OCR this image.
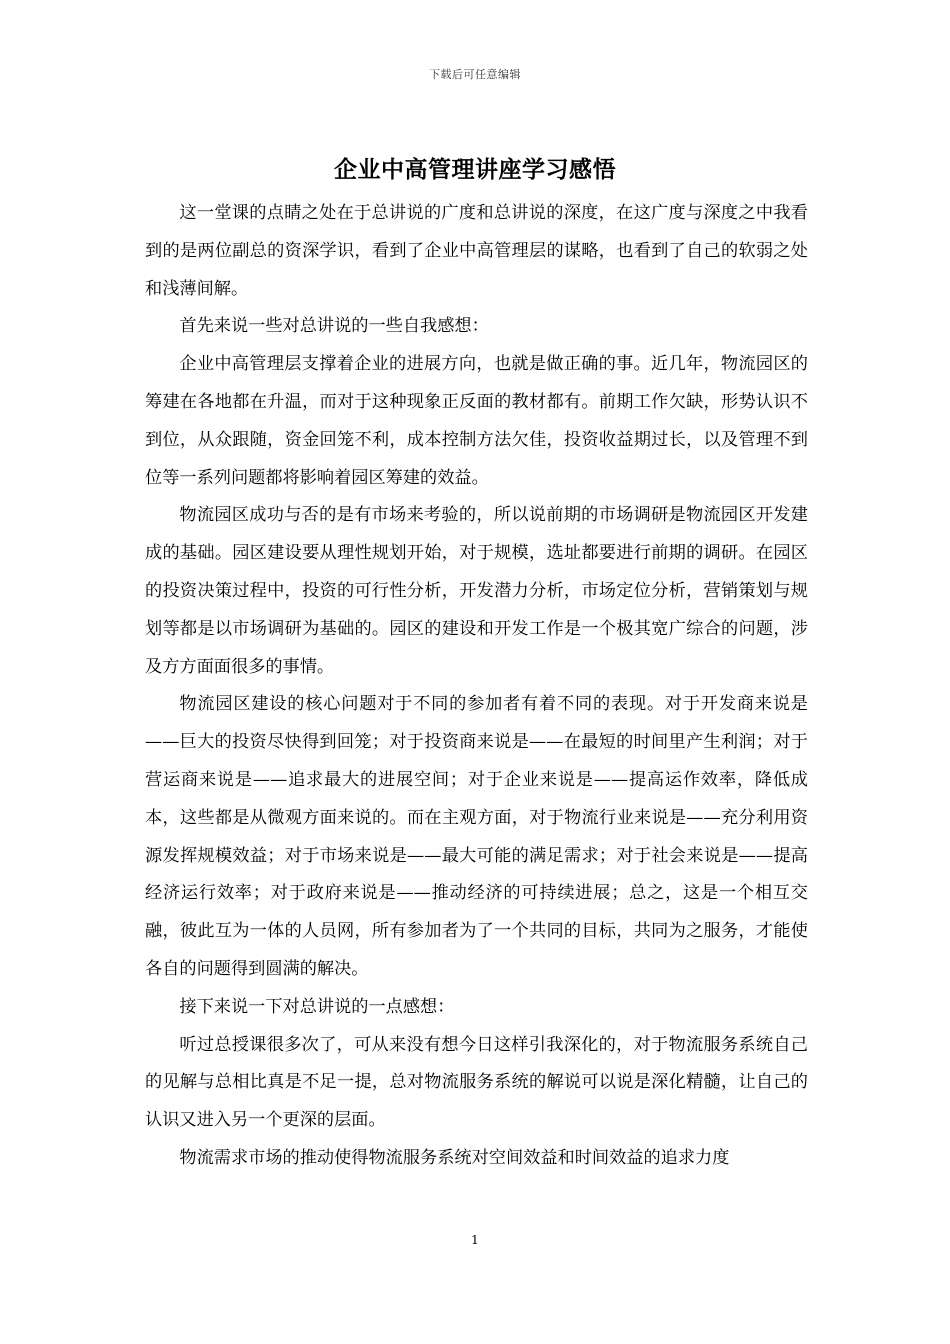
下载后可任意编辑
企业中高管理讲座学习感悟

这一堂课的点睛之处在于总讲说的广度和总讲说的深度，在这广度与深度之中我看到的是两位副总的资深学识，看到了企业中高管理层的谋略，也看到了自己的软弱之处和浅薄间解。

首先来说一些对总讲说的一些自我感想：

企业中高管理层支撑着企业的进展方向，也就是做正确的事。近几年，物流园区的筹建在各地都在升温，而对于这种现象正反面的教材都有。前期工作欠缺，形势认识不到位，从众跟随，资金回笼不利，成本控制方法欠佳，投资收益期过长，以及管理不到位等一系列问题都将影响着园区筹建的效益。

物流园区成功与否的是有市场来考验的，所以说前期的市场调研是物流园区开发建成的基础。园区建设要从理性规划开始，对于规模，选址都要进行前期的调研。在园区的投资决策过程中，投资的可行性分析，开发潜力分析，市场定位分析，营销策划与规划等都是以市场调研为基础的。园区的建设和开发工作是一个极其宽广综合的问题，涉及方方面面很多的事情。

物流园区建设的核心问题对于不同的参加者有着不同的表现。对于开发商来说是——巨大的投资尽快得到回笼；对于投资商来说是——在最短的时间里产生利润；对于营运商来说是——追求最大的进展空间；对于企业来说是——提高运作效率，降低成本，这些都是从微观方面来说的。而在主观方面，对于物流行业来说是——充分利用资源发挥规模效益；对于市场来说是——最大可能的满足需求；对于社会来说是——提高经济运行效率；对于政府来说是——推动经济的可持续进展；总之，这是一个相互交融，彼此互为一体的人员网，所有参加者为了一个共同的目标，共同为之服务，才能使各自的问题得到圆满的解决。

接下来说一下对总讲说的一点感想：

听过总授课很多次了，可从来没有想今日这样引我深化的，对于物流服务系统自己的见解与总相比真是不足一提，总对物流服务系统的解说可以说是深化精髓，让自己的认识又进入另一个更深的层面。

物流需求市场的推动使得物流服务系统对空间效益和时间效益的追求力度

1
